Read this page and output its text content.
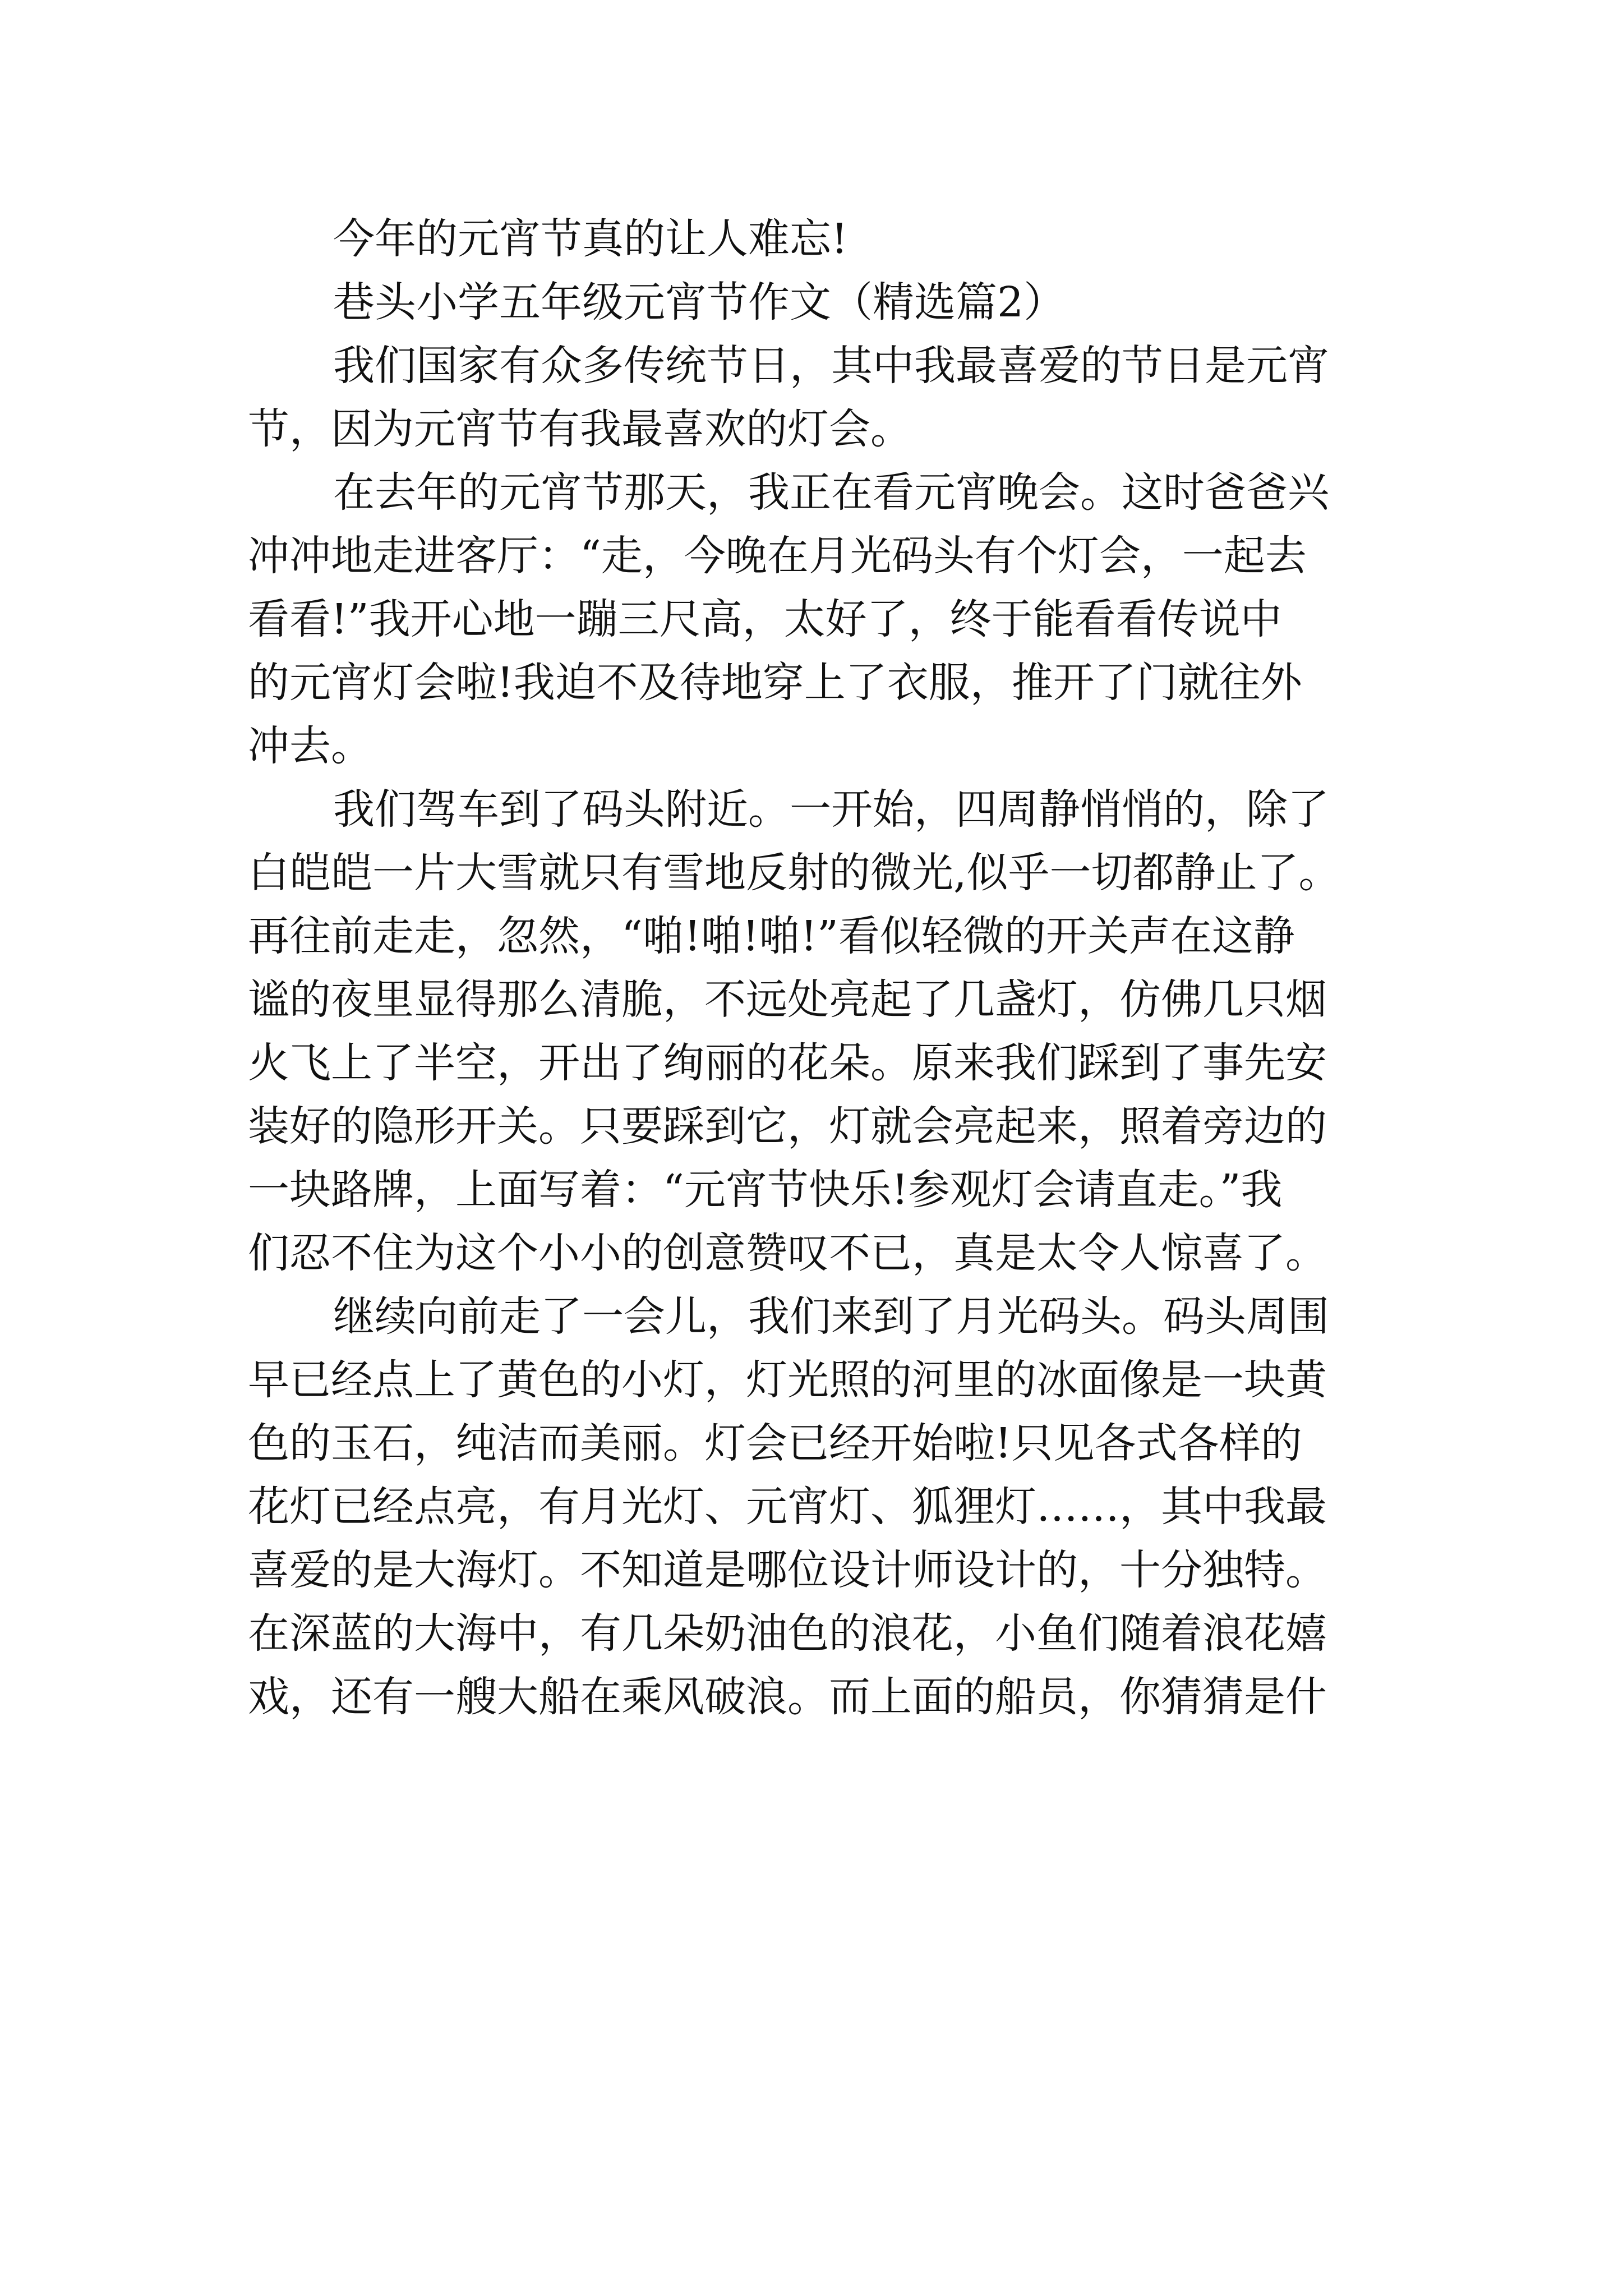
今年的元宵节真的让人难忘!
巷头小学五年级元宵节作文（精选篇2）
我们国家有众多传统节日，其中我最喜爱的节日是元宵
节，因为元宵节有我最喜欢的灯会。
在去年的元宵节那天，我正在看元宵晚会。这时爸爸兴
冲冲地走进客厅：“走，今晚在月光码头有个灯会，一起去
看看!”我开心地一蹦三尺高，太好了，终于能看看传说中
的元宵灯会啦!我迫不及待地穿上了衣服，推开了门就往外
冲去。
我们驾车到了码头附近。一开始，四周静悄悄的，除了
白皑皑一片大雪就只有雪地反射的微光,似乎一切都静止了。
再往前走走，忽然，“啪!啪!啪!”看似轻微的开关声在这静
谧的夜里显得那么清脆，不远处亮起了几盏灯，仿佛几只烟
火飞上了半空，开出了绚丽的花朵。原来我们踩到了事先安
装好的隐形开关。只要踩到它，灯就会亮起来，照着旁边的
一块路牌，上面写着：“元宵节快乐!参观灯会请直走。”我
们忍不住为这个小小的创意赞叹不已，真是太令人惊喜了。
继续向前走了一会儿，我们来到了月光码头。码头周围
早已经点上了黄色的小灯，灯光照的河里的冰面像是一块黄
色的玉石，纯洁而美丽。灯会已经开始啦!只见各式各样的
花灯已经点亮，有月光灯、元宵灯、狐狸灯……，其中我最
喜爱的是大海灯。不知道是哪位设计师设计的，十分独特。
在深蓝的大海中，有几朵奶油色的浪花，小鱼们随着浪花嬉
戏，还有一艘大船在乘风破浪。而上面的船员，你猜猜是什
